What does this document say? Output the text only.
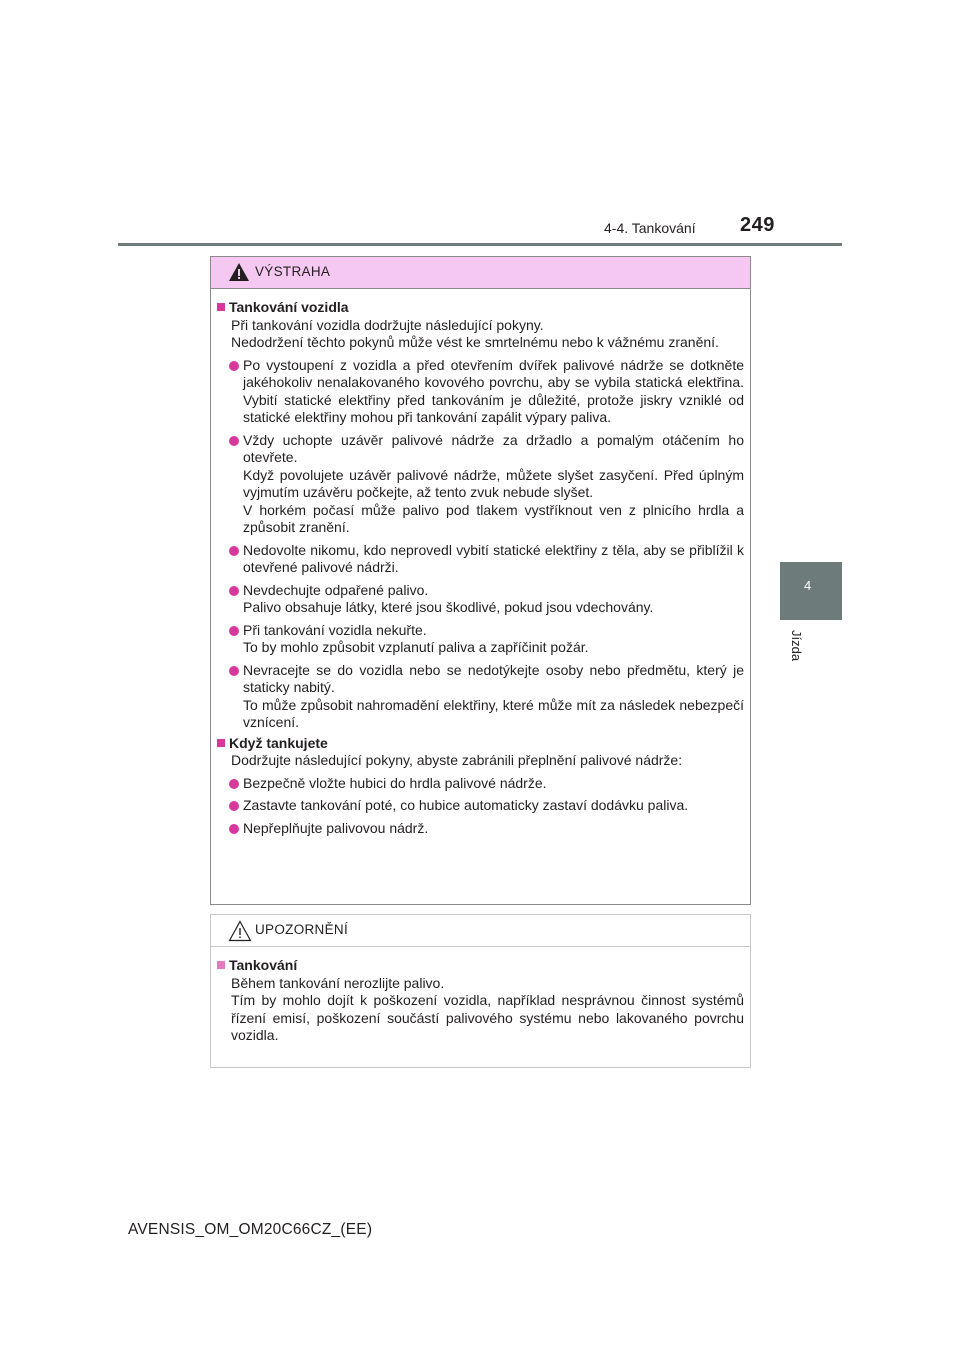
4-4. Tankování 249
4
Jízda
VÝSTRAHA
Tankování vozidla
Při tankování vozidla dodržujte následující pokyny.
Nedodržení těchto pokynů může vést ke smrtelnému nebo k vážnému zranění.
Po vystoupení z vozidla a před otevřením dvířek palivové nádrže se dotkněte jakéhokoliv nenalakovaného kovového povrchu, aby se vybila statická elektřina. Vybití statické elektřiny před tankováním je důležité, protože jiskry vzniklé od statické elektřiny mohou při tankování zapálit výpary paliva.
Vždy uchopte uzávěr palivové nádrže za držadlo a pomalým otáčením ho otevřete.
Když povolujete uzávěr palivové nádrže, můžete slyšet zasyčení. Před úplným vyjmutím uzávěru počkejte, až tento zvuk nebude slyšet.
V horkém počasí může palivo pod tlakem vystříknout ven z plnicího hrdla a způsobit zranění.
Nedovolte nikomu, kdo neprovedl vybití statické elektřiny z těla, aby se přiblížil k otevřené palivové nádrži.
Nevdechujte odpařené palivo.
Palivo obsahuje látky, které jsou škodlivé, pokud jsou vdechovány.
Při tankování vozidla nekuřte.
To by mohlo způsobit vzplanutí paliva a zapříčinit požár.
Nevracejte se do vozidla nebo se nedotýkejte osoby nebo předmětu, který je staticky nabitý.
To může způsobit nahromadění elektřiny, které může mít za následek nebezpečí vznícení.
Když tankujete
Dodržujte následující pokyny, abyste zabránili přeplnění palivové nádrže:
Bezpečně vložte hubici do hrdla palivové nádrže.
Zastavte tankování poté, co hubice automaticky zastaví dodávku paliva.
Nepřeplňujte palivovou nádrž.
UPOZORNĚNÍ
Tankování
Během tankování nerozlijte palivo.
Tím by mohlo dojít k poškození vozidla, například nesprávnou činnost systémů řízení emisí, poškození součástí palivového systému nebo lakovaného povrchu vozidla.
AVENSIS_OM_OM20C66CZ_(EE)
